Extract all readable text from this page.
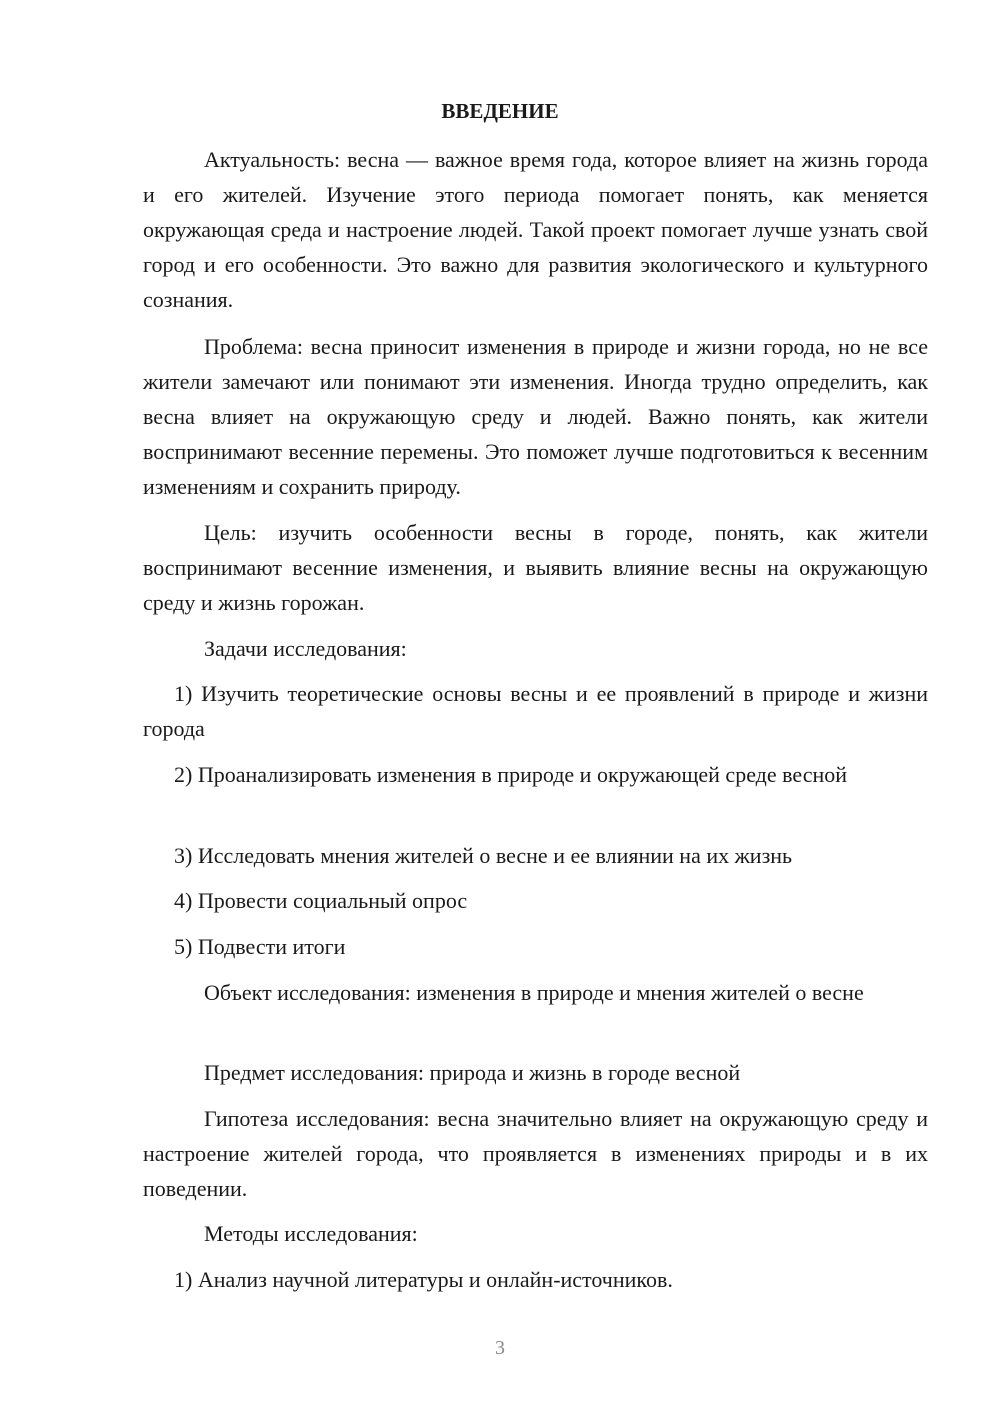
ВВЕДЕНИЕ

Актуальность: весна — важное время года, которое влияет на жизнь города и его жителей. Изучение этого периода помогает понять, как меняется окружающая среда и настроение людей. Такой проект помогает лучше узнать свой город и его особенности. Это важно для развития экологического и культурного сознания.

Проблема: весна приносит изменения в природе и жизни города, но не все жители замечают или понимают эти изменения. Иногда трудно определить, как весна влияет на окружающую среду и людей. Важно понять, как жители воспринимают весенние перемены. Это поможет лучше подготовиться к весенним изменениям и сохранить природу.

Цель: изучить особенности весны в городе, понять, как жители воспринимают весенние изменения, и выявить влияние весны на окружающую среду и жизнь горожан.

Задачи исследования:

1) Изучить теоретические основы весны и ее проявлений в природе и жизни города

2) Проанализировать изменения в природе и окружающей среде весной

3) Исследовать мнения жителей о весне и ее влиянии на их жизнь

4) Провести социальный опрос

5) Подвести итоги

Объект исследования: изменения в природе и мнения жителей о весне

Предмет исследования: природа и жизнь в городе весной

Гипотеза исследования: весна значительно влияет на окружающую среду и настроение жителей города, что проявляется в изменениях природы и в их поведении.

Методы исследования:

1) Анализ научной литературы и онлайн-источников.

3
